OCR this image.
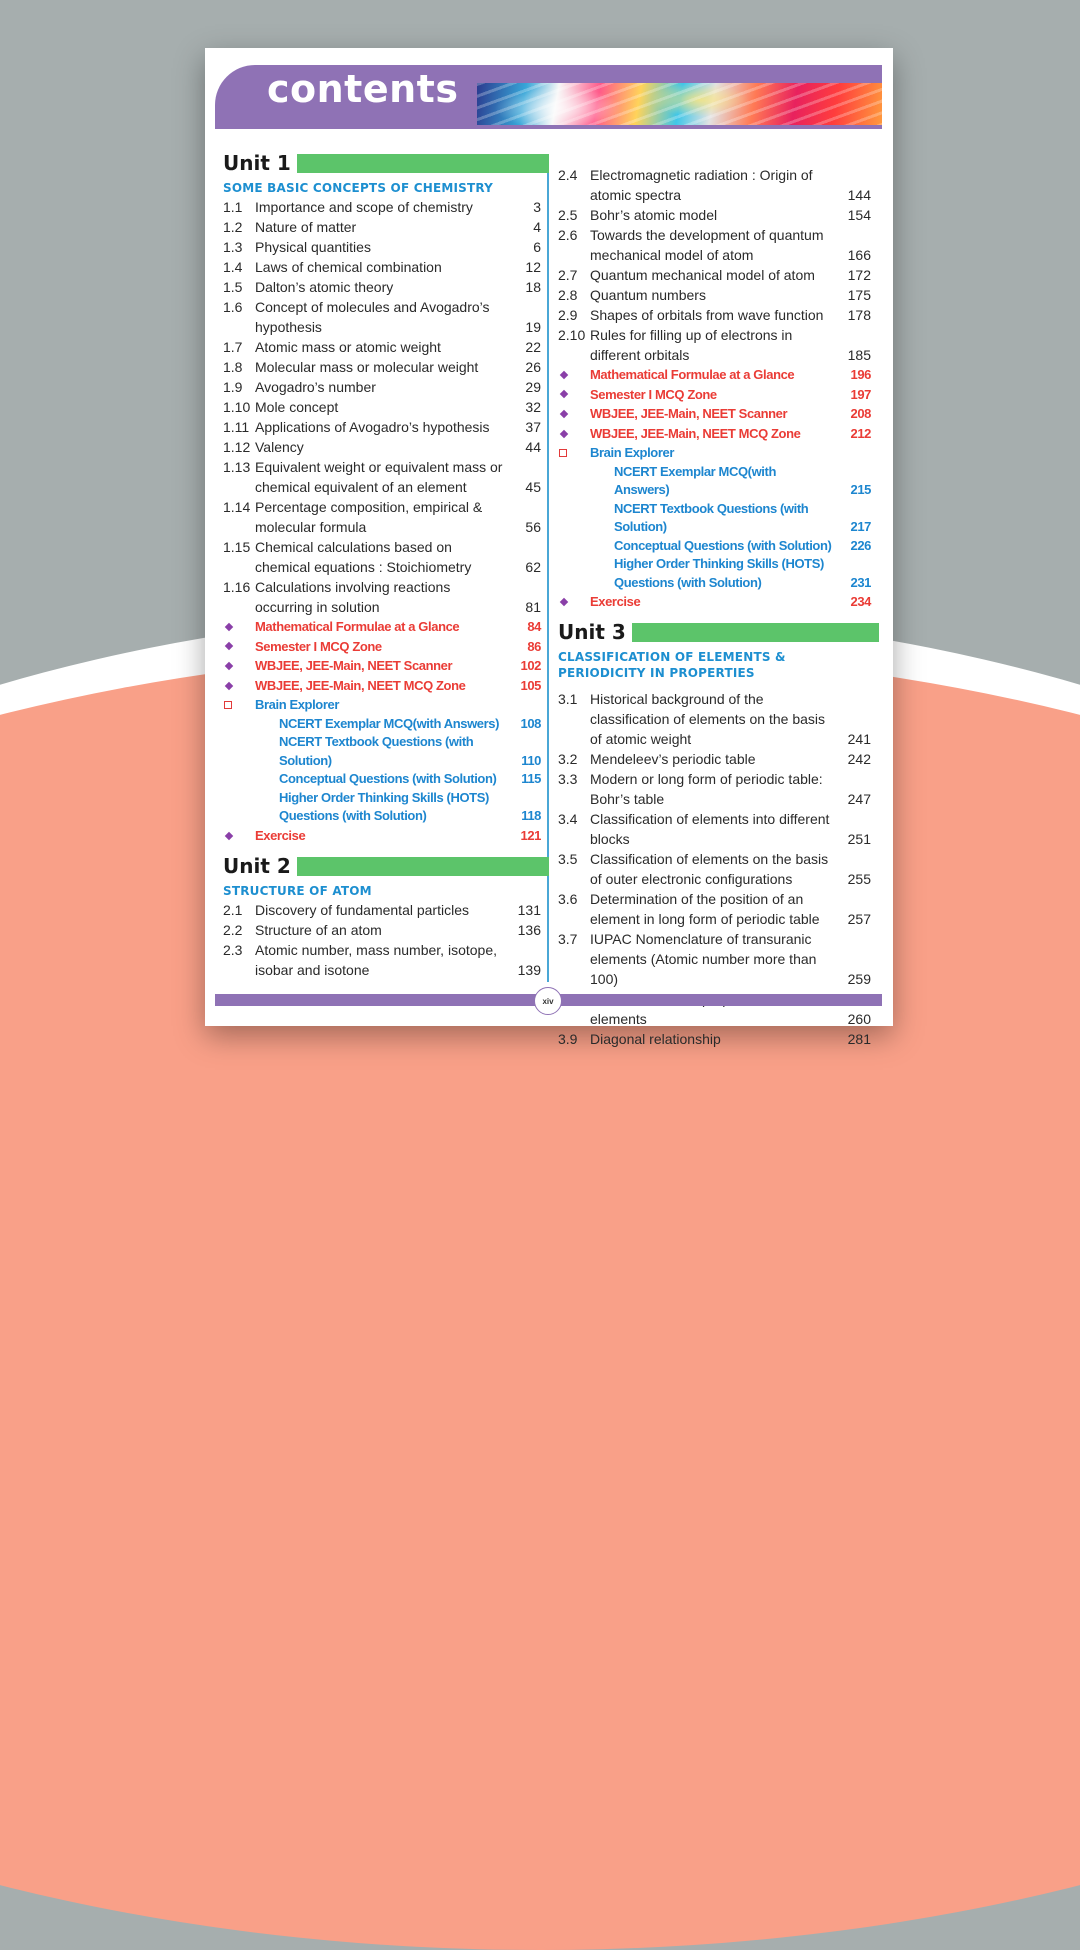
contents
Unit 1
SOME BASIC CONCEPTS OF CHEMISTRY
1.1 Importance and scope of chemistry	3
1.2 Nature of matter	4
1.3 Physical quantities	6
1.4 Laws of chemical combination	12
1.5 Dalton’s atomic theory	18
1.6 Concept of molecules and Avogadro’s hypothesis	19
1.7 Atomic mass or atomic weight	22
1.8 Molecular mass or molecular weight	26
1.9 Avogadro’s number	29
1.10 Mole concept	32
1.11 Applications of Avogadro’s hypothesis	37
1.12 Valency	44
1.13 Equivalent weight or equivalent mass or chemical equivalent of an element	45
1.14 Percentage composition, empirical & molecular formula	56
1.15 Chemical calculations based on chemical equations : Stoichiometry	62
1.16 Calculations involving reactions occurring in solution	81
Mathematical Formulae at a Glance	84
Semester I MCQ Zone	86
WBJEE, JEE-Main, NEET Scanner	102
WBJEE, JEE-Main, NEET MCQ Zone	105
Brain Explorer
NCERT Exemplar MCQ(with Answers)	108
NCERT Textbook Questions (with Solution)	110
Conceptual Questions (with Solution)	115
Higher Order Thinking Skills (HOTS) Questions (with Solution)	118
Exercise	121
Unit 2
STRUCTURE OF ATOM
2.1 Discovery of fundamental particles	131
2.2 Structure of an atom	136
2.3 Atomic number, mass number, isotope, isobar and isotone	139
2.4 Electromagnetic radiation : Origin of atomic spectra	144
2.5 Bohr’s atomic model	154
2.6 Towards the development of quantum mechanical model of atom	166
2.7 Quantum mechanical model of atom	172
2.8 Quantum numbers	175
2.9 Shapes of orbitals from wave function	178
2.10 Rules for filling up of electrons in different orbitals	185
Mathematical Formulae at a Glance	196
Semester I MCQ Zone	197
WBJEE, JEE-Main, NEET Scanner	208
WBJEE, JEE-Main, NEET MCQ Zone	212
Brain Explorer
NCERT Exemplar MCQ(with Answers)	215
NCERT Textbook Questions (with Solution)	217
Conceptual Questions (with Solution)	226
Higher Order Thinking Skills (HOTS) Questions (with Solution)	231
Exercise	234
Unit 3
CLASSIFICATION OF ELEMENTS & PERIODICITY IN PROPERTIES
3.1 Historical background of the classification of elements on the basis of atomic weight	241
3.2 Mendeleev’s periodic table	242
3.3 Modern or long form of periodic table: Bohr’s table	247
3.4 Classification of elements into different blocks	251
3.5 Classification of elements on the basis of outer electronic configurations	255
3.6 Determination of the position of an element in long form of periodic table	257
3.7 IUPAC Nomenclature of transuranic elements (Atomic number more than 100)	259
elements	260
3.9 Diagonal relationship	281
xiv
